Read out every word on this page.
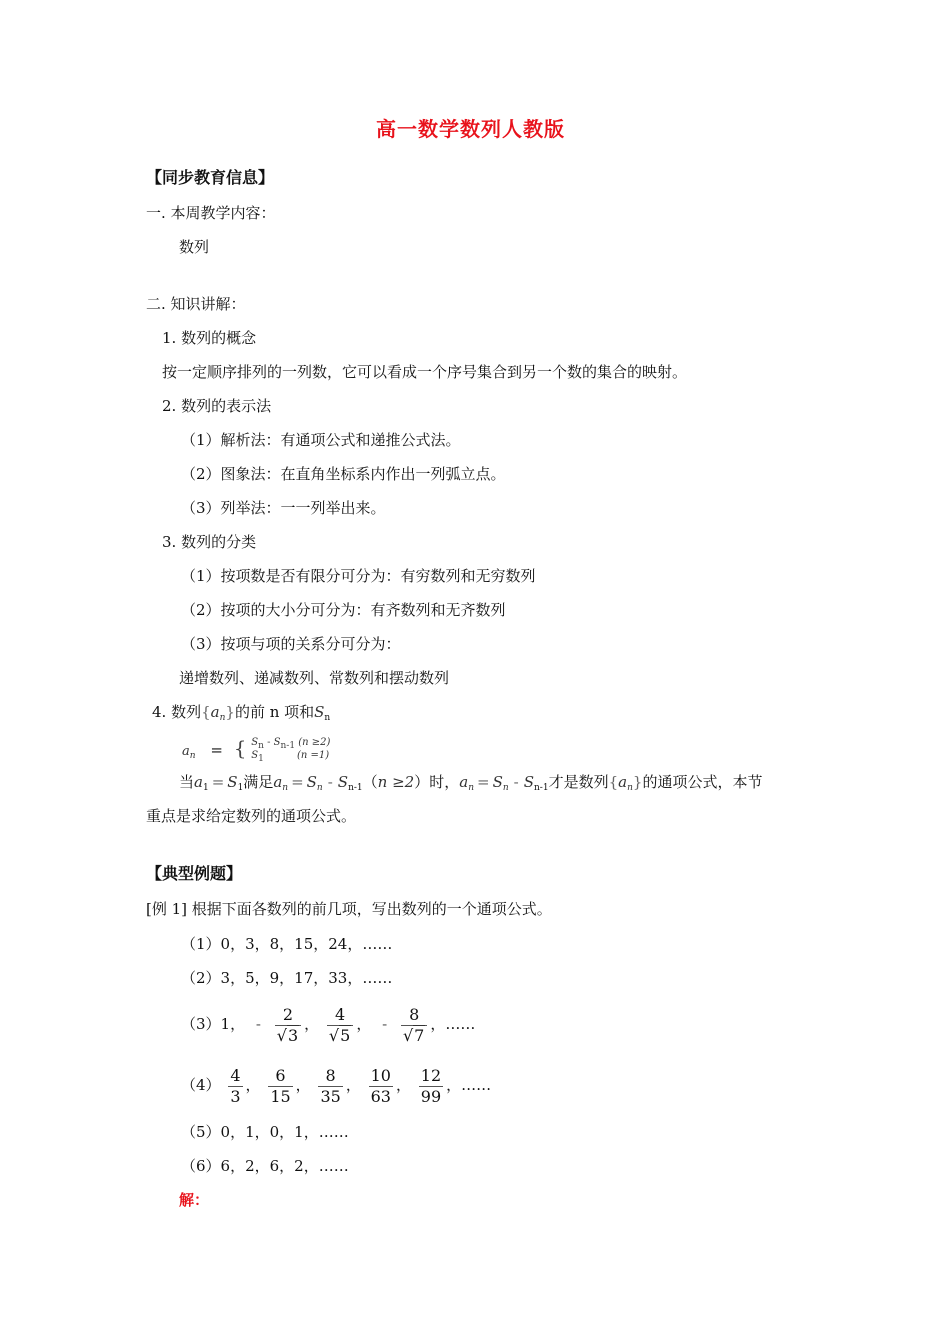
高一数学数列人教版
【同步教育信息】
一. 本周教学内容：
数列
二. 知识讲解：
1. 数列的概念
按一定顺序排列的一列数，它可以看成一个序号集合到另一个数的集合的映射。
2. 数列的表示法
（1）解析法：有通项公式和递推公式法。
（2）图象法：在直角坐标系内作出一列弧立点。
（3）列举法：一一列举出来。
3. 数列的分类
（1）按项数是否有限分可分为：有穷数列和无穷数列
（2）按项的大小分可分为：有齐数列和无齐数列
（3）按项与项的关系分可分为：
递增数列、递减数列、常数列和摆动数列
4. 数列$\{a_n\}$的前 n 项和$S_n$
$a_n$ = { Sn - Sn-1 (n ≥2)
S1	(n =1)
当$a_1 = S_1$满足$a_n = S_n - S_{n-1}(n \ge 2)$时，$a_n = S_n - S_{n-1}$才是数列$\{a_n\}$的通项公式，本节
重点是求给定数列的通项公式。
【典型例题】
[例 1] 根据下面各数列的前几项，写出数列的一个通项公式。
（1）0，3，8，15，24，……
（2）3，5，9，17，33，……
（3）1， - $\frac{2}{√3}$ ， $\frac{4}{√5}$ ， - $\frac{8}{√7}$ ，……
$(4) \frac{4}{3}$ ， $\frac{6}{15}$ ， $\frac{8}{35}$ ， $\frac{10}{63}$ ， $\frac{12}{99}$ ，……
（5）0，1，0，1，……
（6）6，2，6，2，……
解：
